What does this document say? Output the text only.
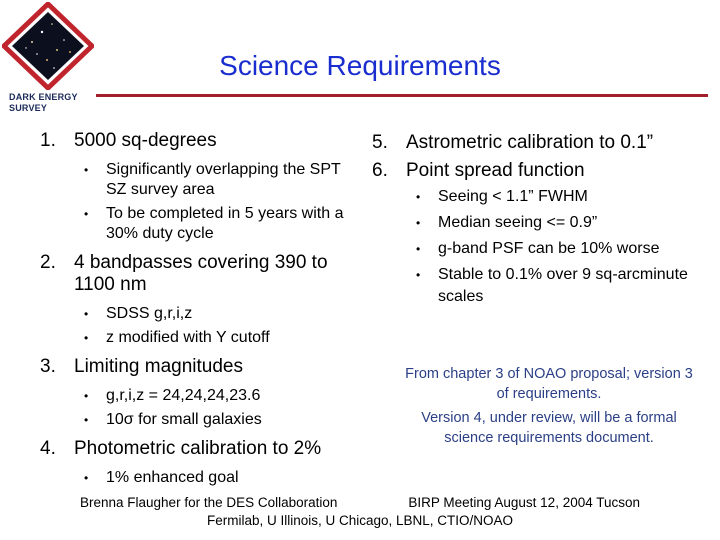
DARK ENERGY
SURVEY
Science Requirements
1. 5000 sq-degrees
• Significantly overlapping the SPT SZ survey area
• To be completed in 5 years with a 30% duty cycle
2. 4 bandpasses covering 390 to 1100 nm
• SDSS g,r,i,z
• z modified with Y cutoff
3. Limiting magnitudes
• g,r,i,z = 24,24,24,23.6
• 10σ for small galaxies
4. Photometric calibration to 2%
• 1% enhanced goal
5. Astrometric calibration to 0.1”
6. Point spread function
• Seeing < 1.1” FWHM
• Median seeing <= 0.9”
• g-band PSF can be 10% worse
• Stable to 0.1% over 9 sq-arcminute scales

From chapter 3 of NOAO proposal; version 3 of requirements.

Version 4, under review, will be a formal science requirements document.

Brenna Flaugher for the DES Collaboration	BIRP Meeting August 12, 2004 Tucson
Fermilab, U Illinois, U Chicago, LBNL, CTIO/NOAO
